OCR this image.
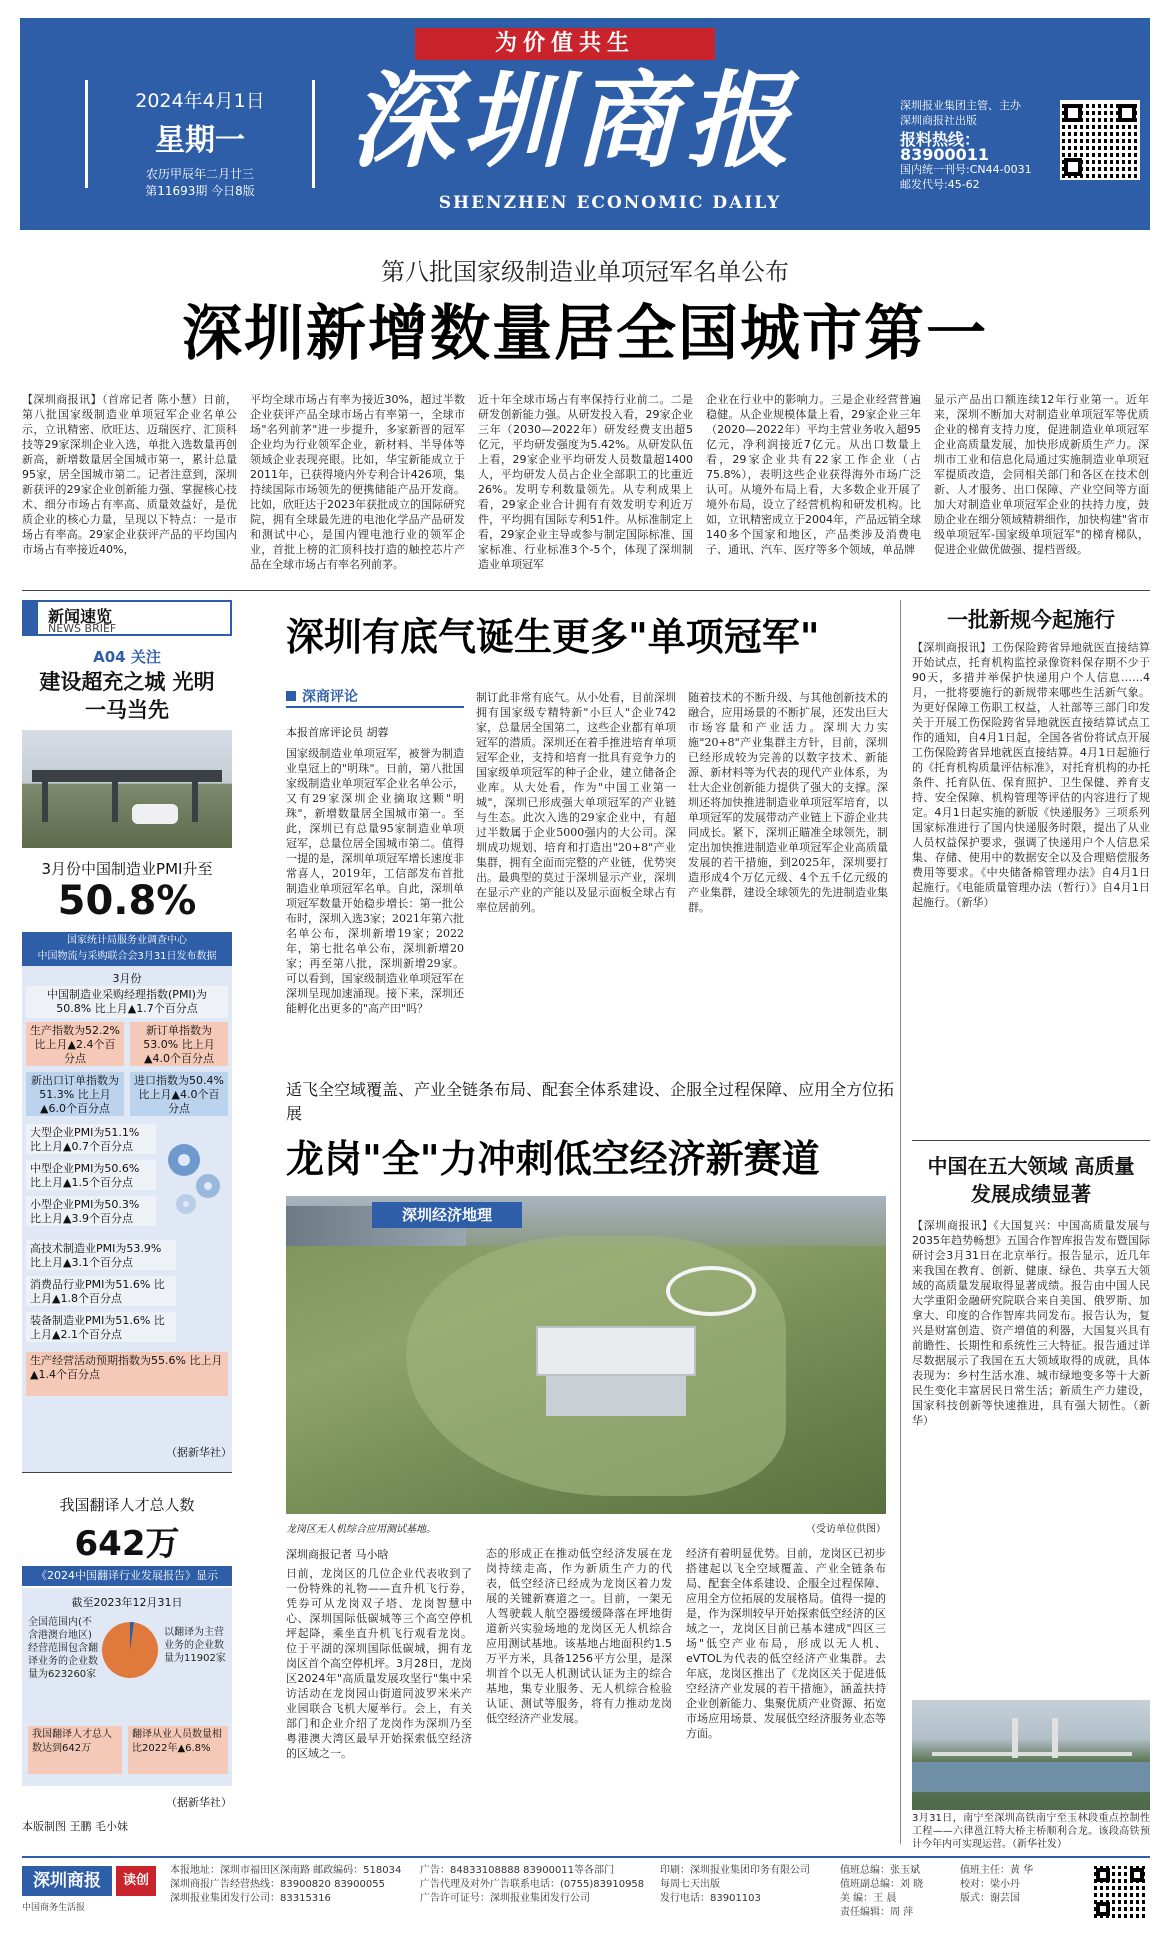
为价值共生
2024年4月1日
星期一
农历甲辰年二月廿三
第11693期 今日8版
深圳商报
SHENZHEN ECONOMIC DAILY
深圳报业集团主管、主办
深圳商报社出版
报料热线：83900011
国内统一刊号:CN44-0031
邮发代号:45-62
第八批国家级制造业单项冠军名单公布
深圳新增数量居全国城市第一
【深圳商报讯】（首席记者 陈小慧）日前，第八批国家级制造业单项冠军企业名单公示，立讯精密、欣旺达、迈瑞医疗、汇顶科技等29家深圳企业入选，单批入选数量再创新高，新增数量居全国城市第一，累计总量95家，居全国城市第二。记者注意到，深圳新获评的29家企业创新能力强、掌握核心技术、细分市场占有率高、质量效益好，是优质企业的核心力量，呈现以下特点：一是市场占有率高。29家企业获评产品的平均国内市场占有率接近40%，
平均全球市场占有率为接近30%，超过半数企业获评产品全球市场占有率第一，全球市场"名列前茅"进一步提升，多家新晋的冠军企业均为行业领军企业，新材料、半导体等领域企业表现亮眼。比如，华宝新能成立于2011年，已获得境内外专利合计426项，集持续国际市场领先的便携储能产品开发商。比如，欣旺达于2023年获批成立的国际研究院，拥有全球最先进的电池化学品产品研发和测试中心，是国内锂电池行业的领军企业，首批上榜的汇顶科技打造的触控芯片产品在全球市场占有率名列前茅。
近十年全球市场占有率保持行业前二。二是研发创新能力强。从研发投入看，29家企业三年（2030—2022年）研发经费支出超5亿元，平均研发强度为5.42%。从研发队伍上看，29家企业平均研发人员数量超1400人，平均研发人员占企业全部职工的比重近26%。发明专利数量领先。从专利成果上看，29家企业合计拥有有效发明专利近万件，平均拥有国际专利51件。从标准制定上看，29家企业主导或参与制定国际标准、国家标准、行业标准3个-5个，体现了深圳制造业单项冠军
企业在行业中的影响力。三是企业经营普遍稳健。从企业规模体量上看，29家企业三年（2020—2022年）平均主营业务收入超95亿元，净利润接近7亿元。从出口数量上看，29家企业共有22家工作企业（占75.8%），表明这些企业获得海外市场广泛认可。从境外布局上看，大多数企业开展了境外布局，设立了经营机构和研发机构。比如，立讯精密成立于2004年，产品远销全球140多个国家和地区，产品类涉及消费电子、通讯、汽车、医疗等多个领域，单品牌
显示产品出口额连续12年行业第一。近年来，深圳不断加大对制造业单项冠军等优质企业的梯育支持力度，促进制造业单项冠军企业高质量发展，加快形成新质生产力。深圳市工业和信息化局通过实施制造业单项冠军提质改造，会同相关部门和各区在技术创新、人才服务、出口保障、产业空间等方面加大对制造业单项冠军企业的扶持力度，鼓励企业在细分领域精耕细作，加快构建"省市级单项冠军-国家级单项冠军"的梯育梯队，促进企业做优做强、提档晋级。
新闻速览
NEWS BRIEF
A04 关注
建设超充之城 光明一马当先
3月份中国制造业PMI升至
50.8%
国家统计局服务业调查中心
中国物流与采购联合会3月31日发布数据
3月份
中国制造业采购经理指数(PMI)为50.8% 比上月▲1.7个百分点
生产指数为52.2% 比上月▲2.4个百分点
新订单指数为53.0% 比上月▲4.0个百分点
新出口订单指数为51.3% 比上月▲6.0个百分点
进口指数为50.4% 比上月▲4.0个百分点
大型企业PMI为51.1% 比上月▲0.7个百分点
中型企业PMI为50.6% 比上月▲1.5个百分点
小型企业PMI为50.3% 比上月▲3.9个百分点
高技术制造业PMI为53.9% 比上月▲3.1个百分点
消费品行业PMI为51.6% 比上月▲1.8个百分点
装备制造业PMI为51.6% 比上月▲2.1个百分点
生产经营活动预期指数为55.6% 比上月▲1.4个百分点
（据新华社）
我国翻译人才总人数
642万
《2024中国翻译行业发展报告》显示
截至2023年12月31日
全国范围内(不含港澳台地区)经营范围包含翻译业务的企业数量为623260家
以翻译为主营业务的企业数量为11902家
我国翻译人才总人数达到642万
翻译从业人员数量相比2022年▲6.8%
（据新华社）
本版制图 王鹏 毛小妹
深圳有底气诞生更多"单项冠军"
深商评论
本报首席评论员 胡蓉
国家级制造业单项冠军，被誉为制造业皇冠上的"明珠"。日前，第八批国家级制造业单项冠军企业名单公示，又有29家深圳企业摘取这颗"明珠"，新增数量居全国城市第一。至此，深圳已有总量95家制造业单项冠军，总量位居全国城市第二。值得一提的是，深圳单项冠军增长速度非常喜人，2019年，工信部发布首批制造业单项冠军名单。自此，深圳单项冠军数量开始稳步增长：第一批公布时，深圳入选3家；2021年第六批名单公布，深圳新增19家；2022年，第七批名单公布，深圳新增20家；再至第八批，深圳新增29家。可以看到，国家级制造业单项冠军在深圳呈现加速涌现。接下来，深圳还能孵化出更多的"高产田"吗？
制订此非常有底气。从小处看，目前深圳拥有国家级专精特新"小巨人"企业742家，总量居全国第二，这些企业都有单项冠军的潜质。深圳还在着手推进培育单项冠军企业，支持和培育一批具有竞争力的国家级单项冠军的种子企业，建立储备企业库。从大处看，作为"中国工业第一城"，深圳已形成强大单项冠军的产业链与生态。此次入选的29家企业中，有超过半数属于企业5000强内的大公司。深圳成功规划、培育和打造出"20+8"产业集群，拥有全面而完整的产业链，优势突出。最典型的莫过于深圳显示产业，深圳在显示产业的产能以及显示面板全球占有率位居前列。
随着技术的不断升级、与其他创新技术的融合，应用场景的不断扩展，还发出巨大市场容量和产业活力。深圳大力实施"20+8"产业集群主方针，目前，深圳已经形成较为完善的以数字技术、新能源、新材料等为代表的现代产业体系，为壮大企业创新能力提供了强大的支撑。深圳还将加快推进制造业单项冠军培育，以单项冠军的发展带动产业链上下游企业共同成长。紧下，深圳正瞄准全球领先，制定出加快推进制造业单项冠军企业高质量发展的若干措施，到2025年，深圳要打造形成4个万亿元级、4个五千亿元级的产业集群，建设全球领先的先进制造业集群。
适飞全空域覆盖、产业全链条布局、配套全体系建设、企服全过程保障、应用全方位拓展
龙岗"全"力冲刺低空经济新赛道
深圳经济地理
龙岗区无人机综合应用测试基地。	（受访单位供图）
深圳商报记者 马小晗
日前，龙岗区的几位企业代表收到了一份特殊的礼物——直升机飞行券，凭券可从龙岗双子塔、龙岗智慧中心、深圳国际低碳城等三个高空停机坪起降，乘坐直升机飞行观看龙岗。位于平湖的深圳国际低碳城，拥有龙岗区首个高空停机坪。3月28日，龙岗区2024年"高质量发展攻坚行"集中采访活动在龙岗园山街道同波罗米米产业园联合飞机大厦举行。会上，有关部门和企业介绍了龙岗作为深圳乃至粤港澳大湾区最早开始探索低空经济的区域之一。
态的形成正在推动低空经济发展在龙岗持续走高，作为新质生产力的代表，低空经济已经成为龙岗区着力发展的关键新赛道之一。目前，一架无人驾驶载人航空器缓缓降落在坪地街道新兴实验场地的龙岗区无人机综合应用测试基地。该基地占地面积约1.5万平方米，具备1256平方公里，是深圳首个以无人机测试认证为主的综合基地，集专业服务、无人机综合检验认证、测试等服务，将有力推动龙岗低空经济产业发展。
经济有着明显优势。目前，龙岗区已初步搭建起以飞全空域覆盖、产业全链条布局、配套全体系建设、企服全过程保障、应用全方位拓展的发展格局。值得一提的是，作为深圳较早开始探索低空经济的区域之一，龙岗区目前已基本建成"四区三场"低空产业布局，形成以无人机、eVTOL为代表的低空经济产业集群。去年底，龙岗区推出了《龙岗区关于促进低空经济产业发展的若干措施》，涵盖扶持企业创新能力、集聚优质产业资源、拓宽市场应用场景、发展低空经济服务业态等方面。
一批新规今起施行
【深圳商报讯】工伤保险跨省异地就医直接结算开始试点，托育机构监控录像资料保存期不少于90天，多措并举保护快递用户个人信息……4月，一批将要施行的新规带来哪些生活新气象。为更好保障工伤职工权益，人社部等三部门印发关于开展工伤保险跨省异地就医直接结算试点工作的通知，自4月1日起，全国各省份将试点开展工伤保险跨省异地就医直接结算。4月1日起施行的《托育机构质量评估标准》，对托育机构的办托条件、托育队伍、保育照护、卫生保健、养育支持、安全保障、机构管理等评估的内容进行了规定。4月1日起实施的新版《快递服务》三项系列国家标准进行了国内快递服务时限，提出了从业人员权益保护要求，强调了快递用户个人信息采集、存储、使用中的数据安全以及合理赔偿服务费用等要求。《中央储备棉管理办法》自4月1日起施行。《电能质量管理办法（暂行）》自4月1日起施行。（新华）
中国在五大领域 高质量发展成绩显著
【深圳商报讯】《大国复兴：中国高质量发展与2035年趋势畅想》五国合作智库报告发布暨国际研讨会3月31日在北京举行。报告显示，近几年来我国在教育、创新、健康、绿色、共享五大领域的高质量发展取得显著成绩。报告由中国人民大学重阳金融研究院联合来自美国、俄罗斯、加拿大、印度的合作智库共同发布。报告认为，复兴是财富创造、资产增值的利器，大国复兴具有前瞻性、长期性和系统性三大特征。报告通过详尽数据展示了我国在五大领域取得的成就，具体表现为：乡村生活水准、城市绿地变多等十大新民生变化丰富居民日常生活；新质生产力建设，国家科技创新等快速推进，具有强大韧性。（新华）
3月31日，南宁至深圳高铁南宁至玉林段重点控制性工程——六律邕江特大桥主桥顺利合龙。该段高铁预计今年内可实现运营。（新华社发）
深圳商报	读创
中国商务生活报
本报地址：深圳市福田区深南路 邮政编码：518034
深圳商报广告经营热线：83900820 83900055
深圳报业集团发行公司：83315316
广告：84833108888 83900011等各部门
广告代理及对外广告联系电话：(0755)83910958
广告许可证号：深圳报业集团发行公司
印刷：深圳报业集团印务有限公司
每周七天出版
发行电话：83901103
值班总编：张玉斌
值班副总编：刘 晓
美 编：王 晨
责任编辑：周 萍
值班主任：黄 华
校对：梁小丹
版式：谢芸国
